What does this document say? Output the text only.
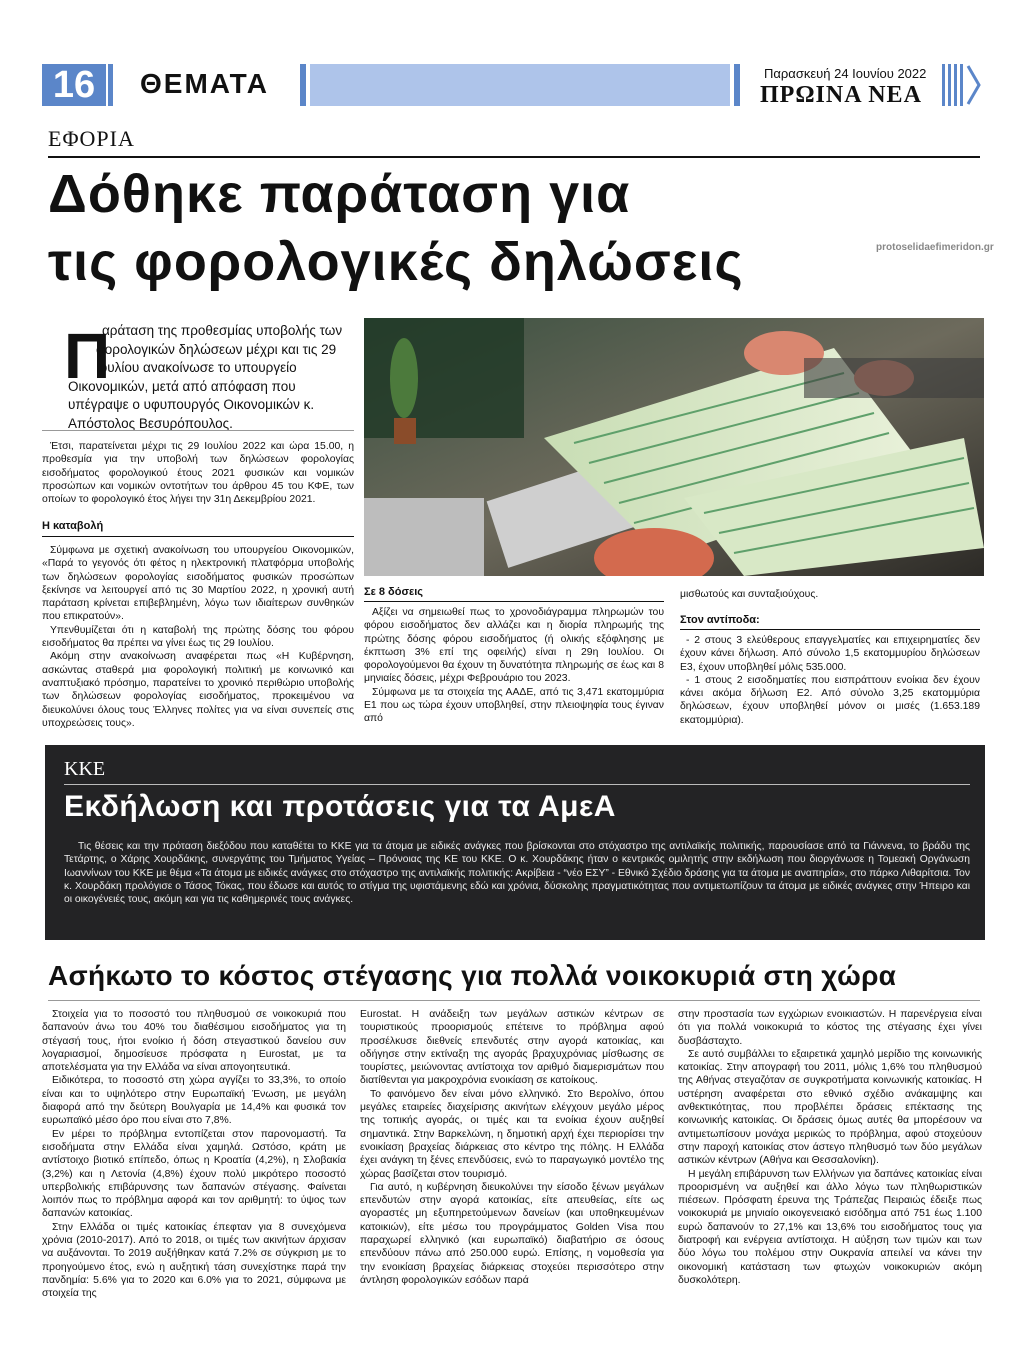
16	ΘΕΜΑΤΑ	Παρασκευή 24 Ιουνίου 2022
ΠΡΩΙΝΑ ΝΕΑ
ΕΦΟΡΙΑ
Δόθηκε παράταση για
τις φορολογικές δηλώσεις	protoselidaefimeridon.gr
Π
αράταση της προθεσμίας υποβολής των φορολογικών δηλώσεων μέχρι και τις 29 Ιουλίου ανακοίνωσε το υπουργείο Οικονομικών, μετά από απόφαση που υπέγραψε ο υφυπουργός Οικονομικών κ. Απόστολος Βεσυρόπουλος.
Έτσι, παρατείνεται μέχρι τις 29 Ιουλίου 2022 και ώρα 15.00, η προθεσμία για την υποβολή των δηλώσεων φορολογίας εισοδήματος φορολογικού έτους 2021 φυσικών και νομικών προσώπων και νομικών οντοτήτων του άρθρου 45 του ΚΦΕ, των οποίων το φορολογικό έτος λήγει την 31η Δεκεμβρίου 2021.
Η καταβολή

Σύμφωνα με σχετική ανακοίνωση του υπουργείου Οικονομικών, «Παρά το γεγονός ότι φέτος η ηλεκτρονική πλατφόρμα υποβολής των δηλώσεων φορολογίας εισοδήματος φυσικών προσώπων ξεκίνησε να λειτουργεί από τις 30 Μαρτίου 2022, η χρονική αυτή παράταση κρίνεται επιβεβλημένη, λόγω των ιδιαίτερων συνθηκών που επικρατούν».

Υπενθυμίζεται ότι η καταβολή της πρώτης δόσης του φόρου εισοδήματος θα πρέπει να γίνει έως τις 29 Ιουλίου.

Ακόμη στην ανακοίνωση αναφέρεται πως «Η Κυβέρνηση, ασκώντας σταθερά μια φορολογική πολιτική με κοινωνικό και αναπτυξιακό πρόσημο, παρατείνει το χρονικό περιθώριο υποβολής των δηλώσεων φορολογίας εισοδήματος, προκειμένου να διευκολύνει όλους τους Έλληνες πολίτες για να είναι συνεπείς στις υποχρεώσεις τους».

Σε 8 δόσεις

Αξίζει να σημειωθεί πως το χρονοδιάγραμμα πληρωμών του φόρου εισοδήματος δεν αλλάζει και η διορία πληρωμής της πρώτης δόσης φόρου εισοδήματος (ή ολικής εξόφλησης με έκπτωση 3% επί της οφειλής) είναι η 29η Ιουλίου. Οι φορολογούμενοι θα έχουν τη δυνατότητα πληρωμής σε έως και 8 μηνιαίες δόσεις, μέχρι Φεβρουάριο του 2023.

Σύμφωνα με τα στοιχεία της ΑΑΔΕ, από τις 3,471 εκατομμύρια Ε1 που ως τώρα έχουν υποβληθεί, στην πλειοψηφία τους έγιναν από

μισθωτούς και συνταξιούχους.
Στον αντίποδα:

- 2 στους 3 ελεύθερους επαγγελματίες και επιχειρηματίες δεν έχουν κάνει δήλωση. Από σύνολο 1,5 εκατομμυρίου δηλώσεων Ε3, έχουν υποβληθεί μόλις 535.000.

- 1 στους 2 εισοδηματίες που εισπράττουν ενοίκια δεν έχουν κάνει ακόμα δήλωση Ε2. Από σύνολο 3,25 εκατομμύρια δηλώσεων, έχουν υποβληθεί μόνον οι μισές (1.653.189 εκατομμύρια).

ΚΚΕ
Εκδήλωση και προτάσεις για τα ΑμεΑ
Τις θέσεις και την πρόταση διεξόδου που καταθέτει το ΚΚΕ για τα άτομα με ειδικές ανάγκες που βρίσκονται στο στόχαστρο της αντιλαϊκής πολιτικής, παρουσίασε από τα Γιάννενα, το βράδυ της Τετάρτης, ο Χάρης Χουρδάκης, συνεργάτης του Τμήματος Υγείας – Πρόνοιας της ΚΕ του ΚΚΕ. Ο κ. Χουρδάκης ήταν ο κεντρικός ομιλητής στην εκδήλωση που διοργάνωσε η Τομεακή Οργάνωση Ιωαννίνων του ΚΚΕ με θέμα «Τα άτομα με ειδικές ανάγκες στο στόχαστρο της αντιλαϊκής πολιτικής: Ακρίβεια - “νέο ΕΣΥ” - Εθνικό Σχέδιο δράσης για τα άτομα με αναπηρία», στο πάρκο Λιθαρίτσια. Τον κ. Χουρδάκη προλόγισε ο Τάσος Τόκας, που έδωσε και αυτός το στίγμα της υφιστάμενης εδώ και χρόνια, δύσκολης πραγματικότητας που αντιμετωπίζουν τα άτομα με ειδικές ανάγκες στην Ήπειρο και οι οικογένειές τους, ακόμη και για τις καθημερινές τους ανάγκες.
Ασήκωτο το κόστος στέγασης για πολλά νοικοκυριά στη χώρα

Στοιχεία για το ποσοστό του πληθυσμού σε νοικοκυριά που δαπανούν άνω του 40% του διαθέσιμου εισοδήματος για τη στέγασή τους, ήτοι ενοίκιο ή δόση στεγαστικού δανείου συν λογαριασμοί, δημοσίευσε πρόσφατα η Eurostat, με τα αποτελέσματα για την Ελλάδα να είναι απογοητευτικά.

Ειδικότερα, το ποσοστό στη χώρα αγγίζει το 33,3%, το οποίο είναι και το υψηλότερο στην Ευρωπαϊκή Ένωση, με μεγάλη διαφορά από την δεύτερη Βουλγαρία με 14,4% και φυσικά τον ευρωπαϊκό μέσο όρο που είναι στο 7,8%.

Εν μέρει το πρόβλημα εντοπίζεται στον παρονομαστή. Τα εισοδήματα στην Ελλάδα είναι χαμηλά. Ωστόσο, κράτη με αντίστοιχο βιοτικό επίπεδο, όπως η Κροατία (4,2%), η Σλοβακία (3,2%) και η Λετονία (4,8%) έχουν πολύ μικρότερο ποσοστό υπερβολικής επιβάρυνσης των δαπανών στέγασης. Φαίνεται λοιπόν πως το πρόβλημα αφορά και τον αριθμητή: το ύψος των δαπανών κατοικίας.

Στην Ελλάδα οι τιμές κατοικίας έπεφταν για 8 συνεχόμενα χρόνια (2010-2017). Από το 2018, οι τιμές των ακινήτων άρχισαν να αυξάνονται. Το 2019 αυξήθηκαν κατά 7.2% σε σύγκριση με το προηγούμενο έτος, ενώ η αυξητική τάση συνεχίστηκε παρά την πανδημία: 5.6% για το 2020 και 6.0% για το 2021, σύμφωνα με στοιχεία της

Eurostat. Η ανάδειξη των μεγάλων αστικών κέντρων σε τουριστικούς προορισμούς επέτεινε το πρόβλημα αφού προσέλκυσε διεθνείς επενδυτές στην αγορά κατοικίας, και οδήγησε στην εκτίναξη της αγοράς βραχυχρόνιας μίσθωσης σε τουρίστες, μειώνοντας αντίστοιχα τον αριθμό διαμερισμάτων που διατίθενται για μακροχρόνια ενοικίαση σε κατοίκους.

Το φαινόμενο δεν είναι μόνο ελληνικό. Στο Βερολίνο, όπου μεγάλες εταιρείες διαχείρισης ακινήτων ελέγχουν μεγάλο μέρος της τοπικής αγοράς, οι τιμές και τα ενοίκια έχουν αυξηθεί σημαντικά. Στην Βαρκελώνη, η δημοτική αρχή έχει περιορίσει την ενοικίαση βραχείας διάρκειας στο κέντρο της πόλης. Η Ελλάδα έχει ανάγκη τη ξένες επενδύσεις, ενώ το παραγωγικό μοντέλο της χώρας βασίζεται στον τουρισμό.

Για αυτό, η κυβέρνηση διευκολύνει την είσοδο ξένων μεγάλων επενδυτών στην αγορά κατοικίας, είτε απευθείας, είτε ως αγοραστές μη εξυπηρετούμενων δανείων (και υποθηκευμένων κατοικιών), είτε μέσω του προγράμματος Golden Visa που παραχωρεί ελληνικό (και ευρωπαϊκό) διαβατήριο σε όσους επενδύουν πάνω από 250.000 ευρώ. Επίσης, η νομοθεσία για την ενοικίαση βραχείας διάρκειας στοχεύει περισσότερο στην άντληση φορολογικών εσόδων παρά

στην προστασία των εγχώριων ενοικιαστών. Η παρενέργεια είναι ότι για πολλά νοικοκυριά το κόστος της στέγασης έχει γίνει δυσβάσταχτο.

Σε αυτό συμβάλλει το εξαιρετικά χαμηλό μερίδιο της κοινωνικής κατοικίας. Στην απογραφή του 2011, μόλις 1,6% του πληθυσμού της Αθήνας στεγαζόταν σε συγκροτήματα κοινωνικής κατοικίας. Η υστέρηση αναφέρεται στο εθνικό σχέδιο ανάκαμψης και ανθεκτικότητας, που προβλέπει δράσεις επέκτασης της κοινωνικής κατοικίας. Οι δράσεις όμως αυτές θα μπορέσουν να αντιμετωπίσουν μονάχα μερικώς το πρόβλημα, αφού στοχεύουν στην παροχή κατοικίας στον άστεγο πληθυσμό των δύο μεγάλων αστικών κέντρων (Αθήνα και Θεσσαλονίκη).

Η μεγάλη επιβάρυνση των Ελλήνων για δαπάνες κατοικίας είναι προορισμένη να αυξηθεί και άλλο λόγω των πληθωριστικών πιέσεων. Πρόσφατη έρευνα της Τράπεζας Πειραιώς έδειξε πως νοικοκυριά με μηνιαίο οικογενειακό εισόδημα από 751 έως 1.100 ευρώ δαπανούν το 27,1% και 13,6% του εισοδήματος τους για διατροφή και ενέργεια αντίστοιχα. Η αύξηση των τιμών και των δύο λόγω του πολέμου στην Ουκρανία απειλεί να κάνει την οικονομική κατάσταση των φτωχών νοικοκυριών ακόμη δυσκολότερη.
